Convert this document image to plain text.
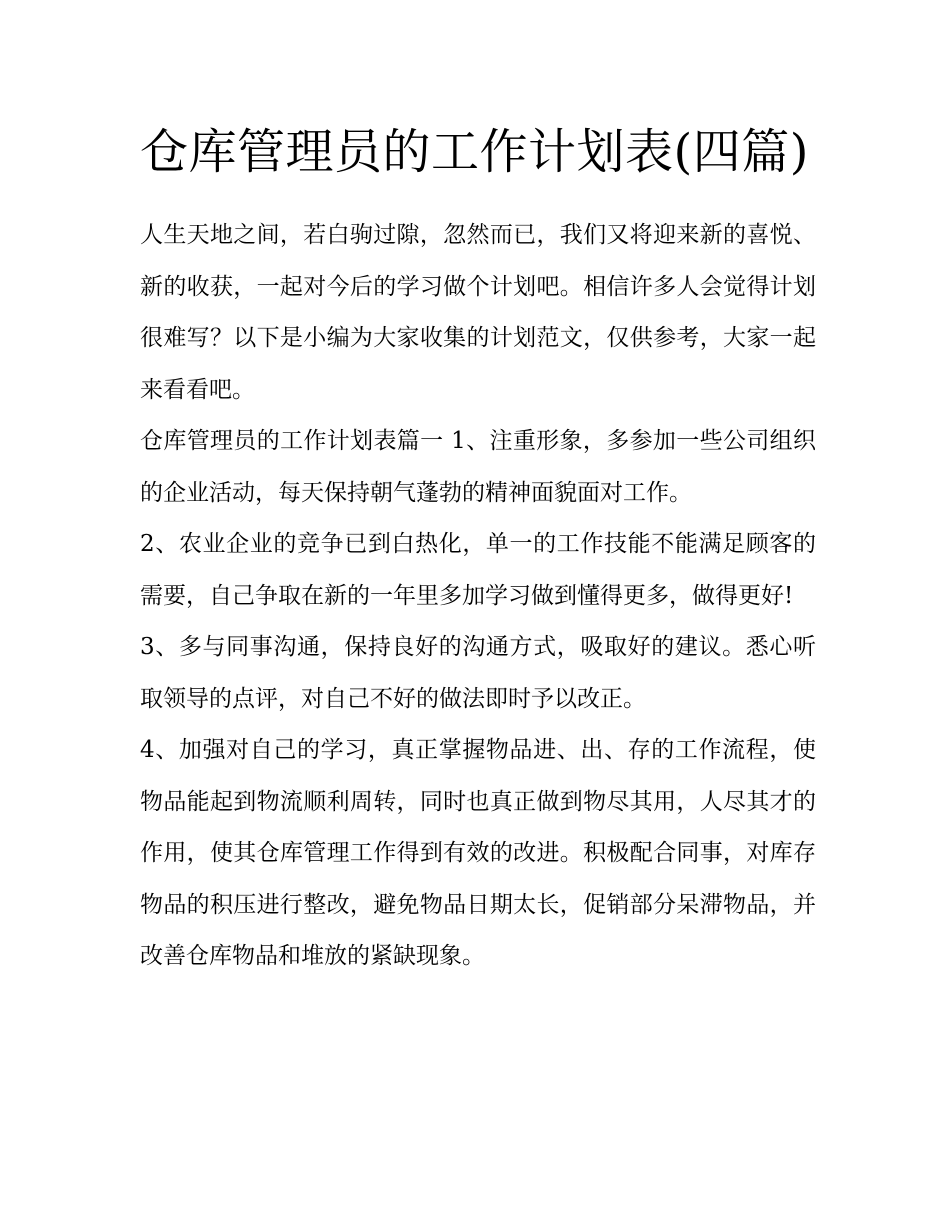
仓库管理员的工作计划表(四篇)

人生天地之间，若白驹过隙，忽然而已，我们又将迎来新的喜悦、新的收获，一起对今后的学习做个计划吧。相信许多人会觉得计划很难写？以下是小编为大家收集的计划范文，仅供参考，大家一起来看看吧。

仓库管理员的工作计划表篇一 1、注重形象，多参加一些公司组织的企业活动，每天保持朝气蓬勃的精神面貌面对工作。

2、农业企业的竞争已到白热化，单一的工作技能不能满足顾客的需要，自己争取在新的一年里多加学习做到懂得更多，做得更好!

3、多与同事沟通，保持良好的沟通方式，吸取好的建议。悉心听取领导的点评，对自己不好的做法即时予以改正。

4、加强对自己的学习，真正掌握物品进、出、存的工作流程，使物品能起到物流顺利周转，同时也真正做到物尽其用，人尽其才的作用，使其仓库管理工作得到有效的改进。积极配合同事，对库存物品的积压进行整改，避免物品日期太长，促销部分呆滞物品，并改善仓库物品和堆放的紧缺现象。
